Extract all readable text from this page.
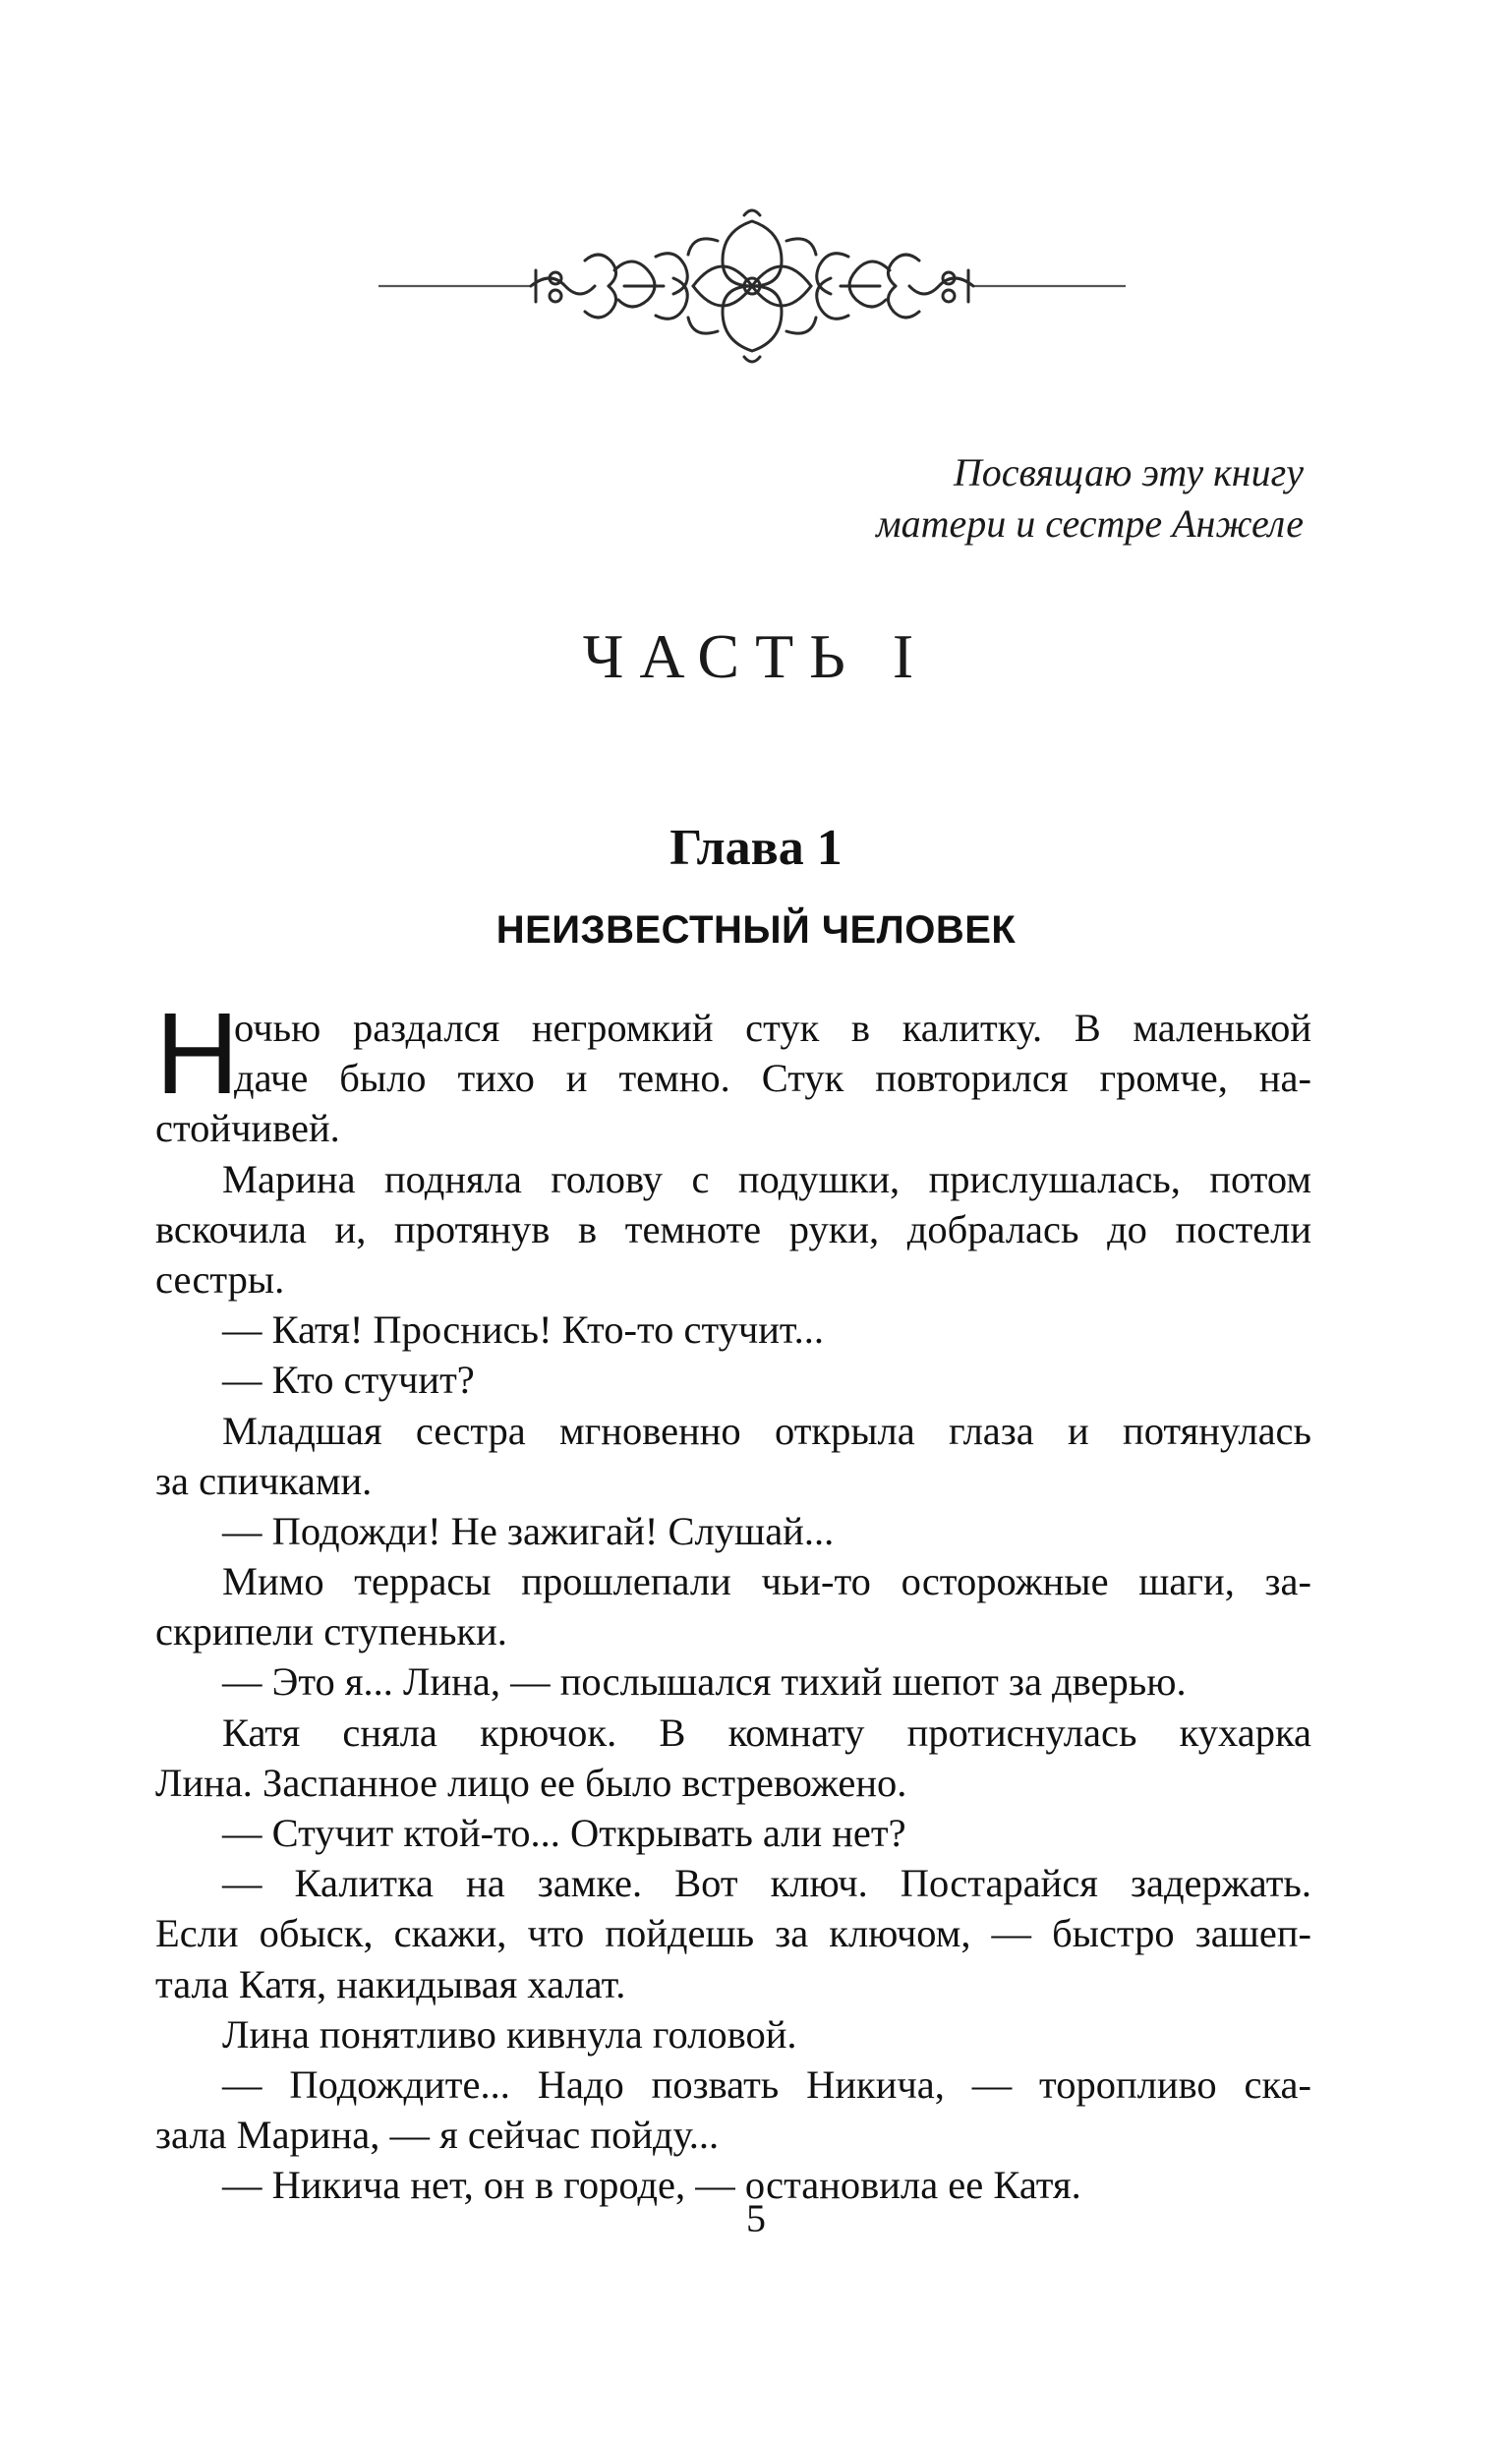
Посвящаю эту книгу
матери и сестре Анжеле
ЧАСТЬ I
Глава 1
НЕИЗВЕСТНЫЙ ЧЕЛОВЕК
Н
очью раздался негромкий стук в калитку. В маленькой
даче было тихо и темно. Стук повторился громче, на-
стойчивей.
Марина подняла голову с подушки, прислушалась, потом
вскочила и, протянув в темноте руки, добралась до постели
сестры.
— Катя! Проснись! Кто-то стучит...
— Кто стучит?
Младшая сестра мгновенно открыла глаза и потянулась
за спичками.
— Подожди! Не зажигай! Слушай...
Мимо террасы прошлепали чьи-то осторожные шаги, за-
скрипели ступеньки.
— Это я... Лина, — послышался тихий шепот за дверью.
Катя сняла крючок. В комнату протиснулась кухарка
Лина. Заспанное лицо ее было встревожено.
— Стучит ктой-то... Открывать али нет?
— Калитка на замке. Вот ключ. Постарайся задержать.
Если обыск, скажи, что пойдешь за ключом, — быстро зашеп-
тала Катя, накидывая халат.
Лина понятливо кивнула головой.
— Подождите... Надо позвать Никича, — торопливо ска-
зала Марина, — я сейчас пойду...
— Никича нет, он в городе, — остановила ее Катя.
5
